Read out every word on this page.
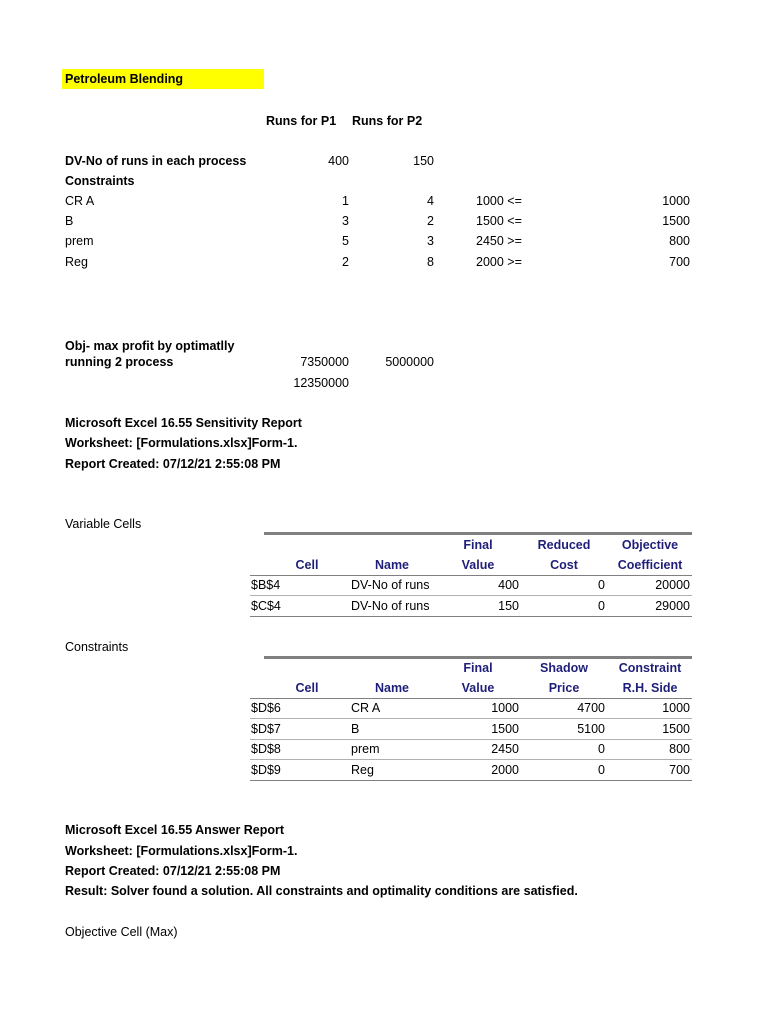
Petroleum Blending
Runs for P1 Runs for P2
DV-No of runs in each process	400	150
Constraints
CR A	1	4	1000 <=	1000
B	3	2	1500 <=	1500
prem	5	3	2450 >=	800
Reg	2	8	2000 >=	700
Obj- max profit by optimatlly
running 2 process	7350000	5000000
12350000
Microsoft Excel 16.55 Sensitivity Report
Worksheet: [Formulations.xlsx]Form-1.
Report Created: 07/12/21 2:55:08 PM
Variable Cells
Final	Reduced	Objective
Cell	Name	Value	Cost	Coefficient
$B$4	DV-No of runs	400	0	20000
$C$4	DV-No of runs	150	0	29000
Constraints
Final	Shadow	Constraint
Cell	Name	Value	Price	R.H. Side
$D$6	CR A	1000	4700	1000
$D$7	B	1500	5100	1500
$D$8	prem	2450	0	800
$D$9	Reg	2000	0	700
Microsoft Excel 16.55 Answer Report
Worksheet: [Formulations.xlsx]Form-1.
Report Created: 07/12/21 2:55:08 PM
Result: Solver found a solution. All constraints and optimality conditions are satisfied.
Objective Cell (Max)
